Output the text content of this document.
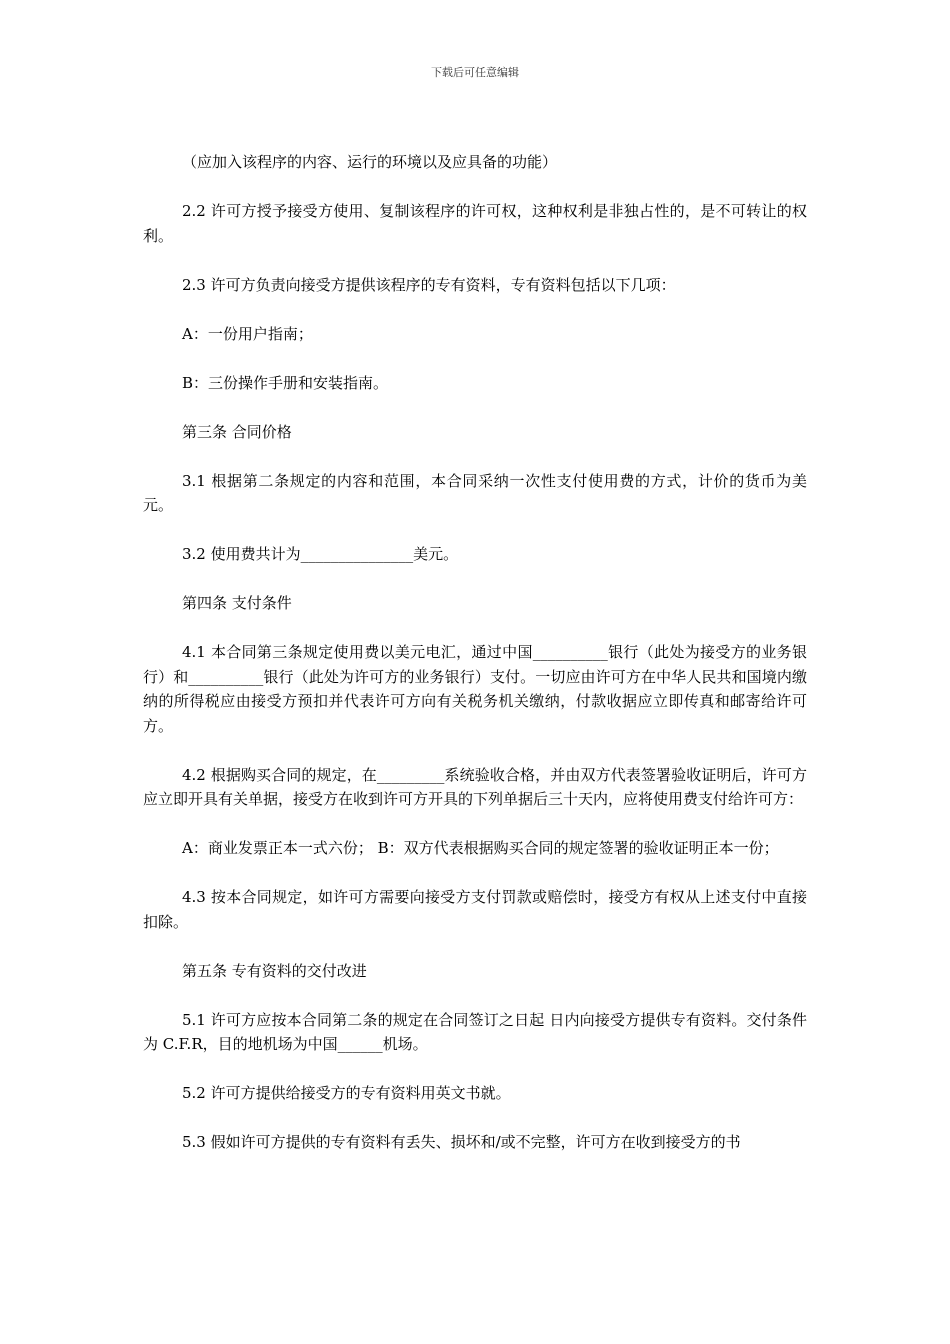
下载后可任意编辑

（应加入该程序的内容、运行的环境以及应具备的功能）

2.2 许可方授予接受方使用、复制该程序的许可权，这种权利是非独占性的，是不可转让的权利。

2.3 许可方负责向接受方提供该程序的专有资料，专有资料包括以下几项：

A：一份用户指南；

B：三份操作手册和安装指南。

第三条 合同价格

3.1 根据第二条规定的内容和范围，本合同采纳一次性支付使用费的方式，计价的货币为美元。

3.2 使用费共计为_______________美元。

第四条 支付条件

4.1 本合同第三条规定使用费以美元电汇，通过中国__________银行（此处为接受方的业务银行）和__________银行（此处为许可方的业务银行）支付。一切应由许可方在中华人民共和国境内缴纳的所得税应由接受方预扣并代表许可方向有关税务机关缴纳，付款收据应立即传真和邮寄给许可方。

4.2 根据购买合同的规定，在_________系统验收合格，并由双方代表签署验收证明后，许可方应立即开具有关单据，接受方在收到许可方开具的下列单据后三十天内，应将使用费支付给许可方：

A：商业发票正本一式六份； B：双方代表根据购买合同的规定签署的验收证明正本一份；

4.3 按本合同规定，如许可方需要向接受方支付罚款或赔偿时，接受方有权从上述支付中直接扣除。

第五条 专有资料的交付改进

5.1 许可方应按本合同第二条的规定在合同签订之日起 日内向接受方提供专有资料。交付条件为 C.F.R，目的地机场为中国______机场。

5.2 许可方提供给接受方的专有资料用英文书就。

5.3 假如许可方提供的专有资料有丢失、损坏和/或不完整，许可方在收到接受方的书
